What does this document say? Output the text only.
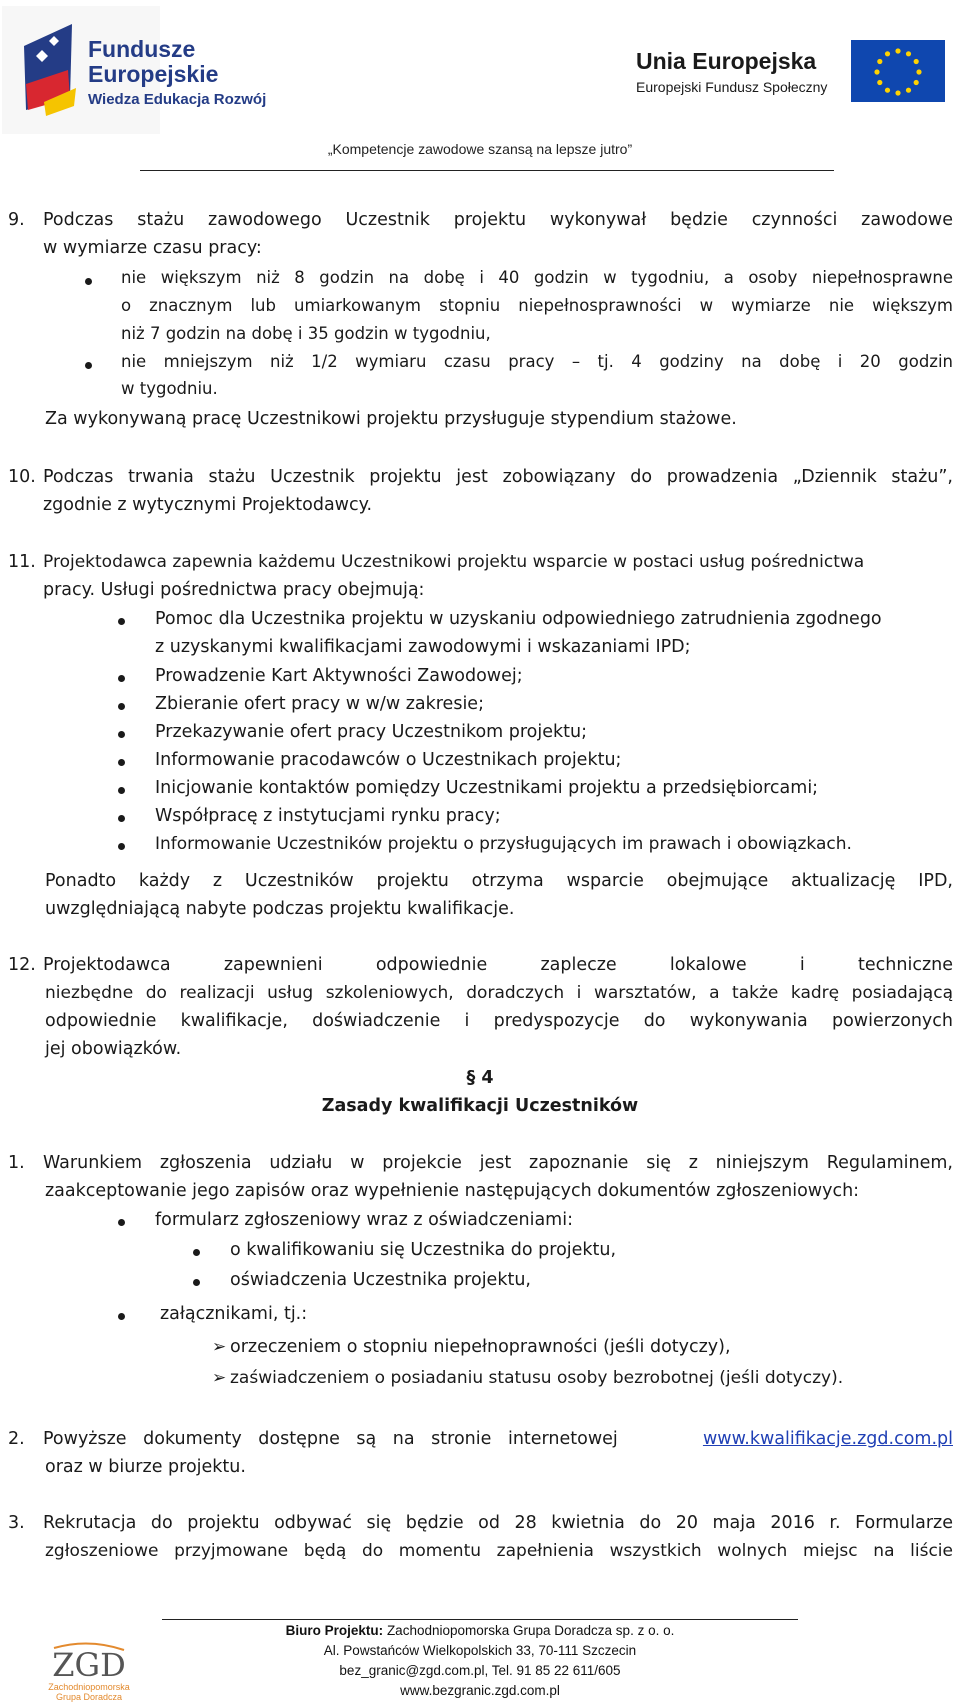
Fundusze
Europejskie
Wiedza Edukacja Rozwój
Unia Europejska
Europejski Fundusz Społeczny
„Kompetencje zawodowe szansą na lepsze jutro”
9. Podczas stażu zawodowego Uczestnik projektu wykonywał będzie czynności zawodowe
w wymiarze czasu pracy:
nie większym niż 8 godzin na dobę i 40 godzin w tygodniu, a osoby niepełnosprawne
o znacznym lub umiarkowanym stopniu niepełnosprawności w wymiarze nie większym
niż 7 godzin na dobę i 35 godzin w tygodniu,
nie mniejszym niż 1/2 wymiaru czasu pracy – tj. 4 godziny na dobę i 20 godzin
w tygodniu.
Za wykonywaną pracę Uczestnikowi projektu przysługuje stypendium stażowe.
10. Podczas trwania stażu Uczestnik projektu jest zobowiązany do prowadzenia „Dziennik stażu”,
zgodnie z wytycznymi Projektodawcy.
11. Projektodawca zapewnia każdemu Uczestnikowi projektu wsparcie w postaci usług pośrednictwa
pracy. Usługi pośrednictwa pracy obejmują:
Pomoc dla Uczestnika projektu w uzyskaniu odpowiedniego zatrudnienia zgodnego
z uzyskanymi kwalifikacjami zawodowymi i wskazaniami IPD;
Prowadzenie Kart Aktywności Zawodowej;
Zbieranie ofert pracy w w/w zakresie;
Przekazywanie ofert pracy Uczestnikom projektu;
Informowanie pracodawców o Uczestnikach projektu;
Inicjowanie kontaktów pomiędzy Uczestnikami projektu a przedsiębiorcami;
Współpracę z instytucjami rynku pracy;
Informowanie Uczestników projektu o przysługujących im prawach i obowiązkach.
Ponadto każdy z Uczestników projektu otrzyma wsparcie obejmujące aktualizację IPD,
uwzględniającą nabyte podczas projektu kwalifikacje.
12. Projektodawca zapewnieni odpowiednie zaplecze lokalowe i techniczne
niezbędne do realizacji usług szkoleniowych, doradczych i warsztatów, a także kadrę posiadającą
odpowiednie kwalifikacje, doświadczenie i predyspozycje do wykonywania powierzonych
jej obowiązków.
§ 4
Zasady kwalifikacji Uczestników
1. Warunkiem zgłoszenia udziału w projekcie jest zapoznanie się z niniejszym Regulaminem,
zaakceptowanie jego zapisów oraz wypełnienie następujących dokumentów zgłoszeniowych:
formularz zgłoszeniowy wraz z oświadczeniami:
o kwalifikowaniu się Uczestnika do projektu,
oświadczenia Uczestnika projektu,
załącznikami, tj.:
➢ orzeczeniem o stopniu niepełnoprawności (jeśli dotyczy),
➢ zaświadczeniem o posiadaniu statusu osoby bezrobotnej (jeśli dotyczy).
2. Powyższe dokumenty dostępne są na stronie internetowej	www.kwalifikacje.zgd.com.pl
oraz w biurze projektu.
3. Rekrutacja do projektu odbywać się będzie od 28 kwietnia do 20 maja 2016 r. Formularze
zgłoszeniowe przyjmowane będą do momentu zapełnienia wszystkich wolnych miejsc na liście
ZGD
Zachodniopomorska
Grupa Doradcza
Biuro Projektu: Zachodniopomorska Grupa Doradcza sp. z o. o.
Al. Powstańców Wielkopolskich 33, 70-111 Szczecin
bez_granic@zgd.com.pl, Tel. 91 85 22 611/605
www.bezgranic.zgd.com.pl
